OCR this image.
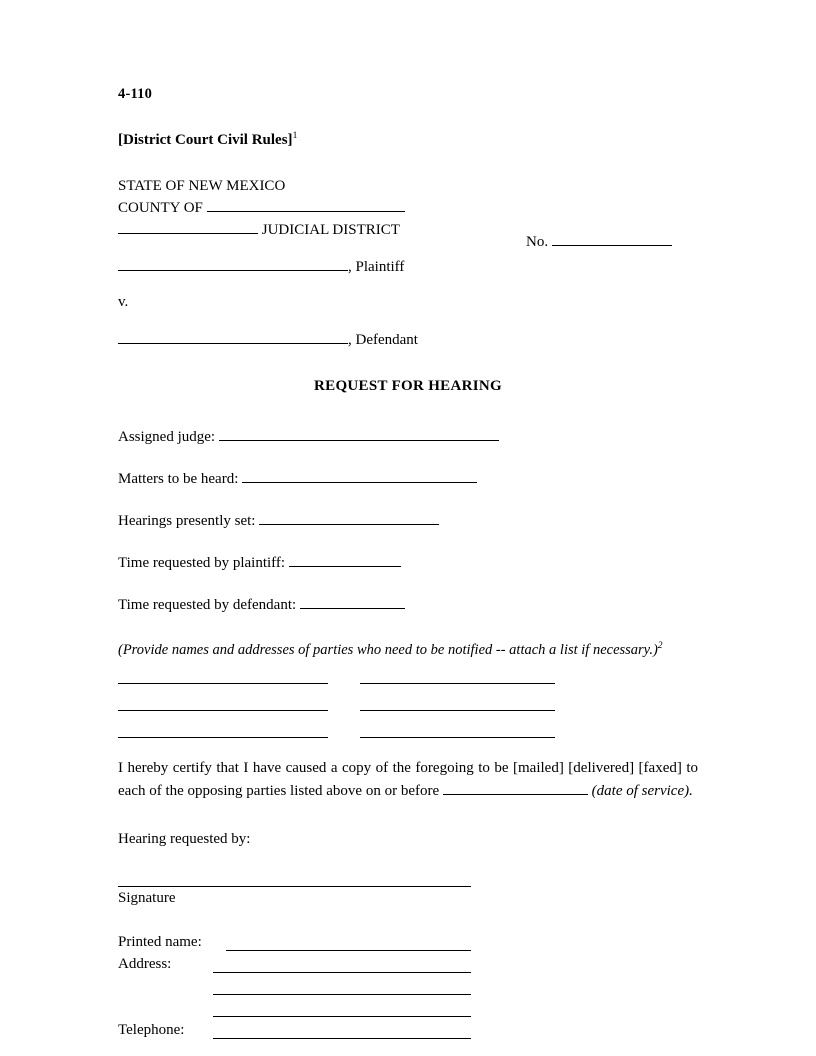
4-110
[District Court Civil Rules]$^1$
STATE OF NEW MEXICO
COUNTY OF
JUDICIAL DISTRICT
, Plaintiff
v.
, Defendant
No.
REQUEST FOR HEARING
Assigned judge:
Matters to be heard:
Hearings presently set:
Time requested by plaintiff:
Time requested by defendant:
(Provide names and addresses of parties who need to be notified -- attach a list if necessary.)$^2$
I hereby certify that I have caused a copy of the foregoing to be [mailed] [delivered] [faxed] to each of the opposing parties listed above on or before	(date of service).
Hearing requested by:
Signature
Printed name:
Address:
Telephone:
